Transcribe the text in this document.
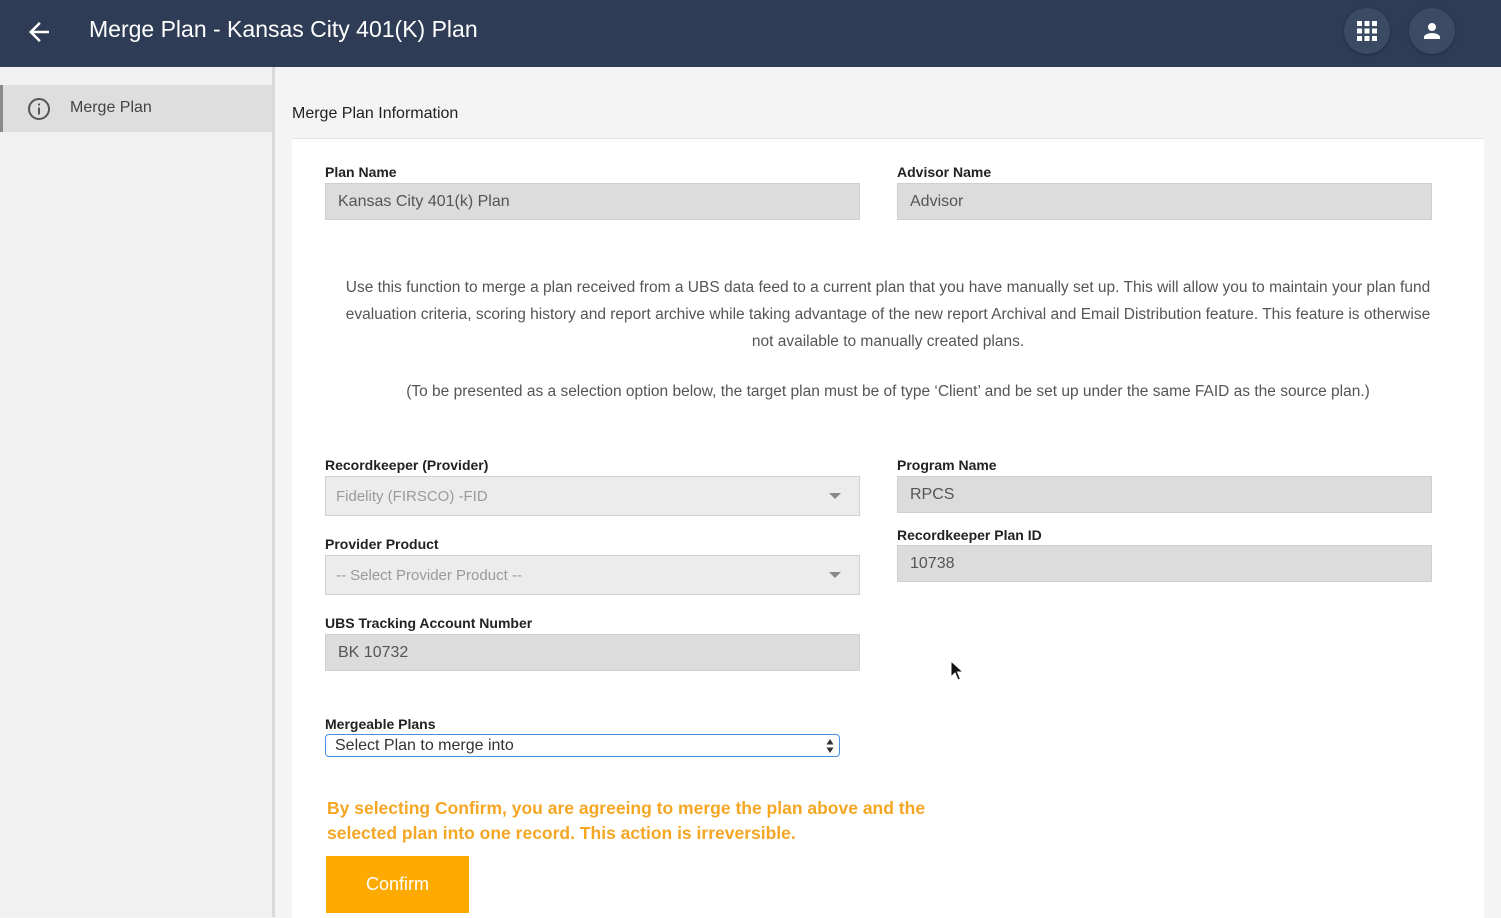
Merge Plan - Kansas City 401(K) Plan
Merge Plan	Merge Plan Information
Plan Name
Kansas City 401(k) Plan
Advisor Name
Advisor
Use this function to merge a plan received from a UBS data feed to a current plan that you have manually set up. This will allow you to maintain your plan fund evaluation criteria, scoring history and report archive while taking advantage of the new report Archival and Email Distribution feature. This feature is otherwise not available to manually created plans.
(To be presented as a selection option below, the target plan must be of type ‘Client’ and be set up under the same FAID as the source plan.)
Recordkeeper (Provider)
Fidelity (FIRSCO) -FID
Provider Product
-- Select Provider Product --
UBS Tracking Account Number
BK 10732
Program Name
RPCS
Recordkeeper Plan ID
10738
Mergeable Plans
Select Plan to merge into
By selecting Confirm, you are agreeing to merge the plan above and the selected plan into one record. This action is irreversible.
Confirm
